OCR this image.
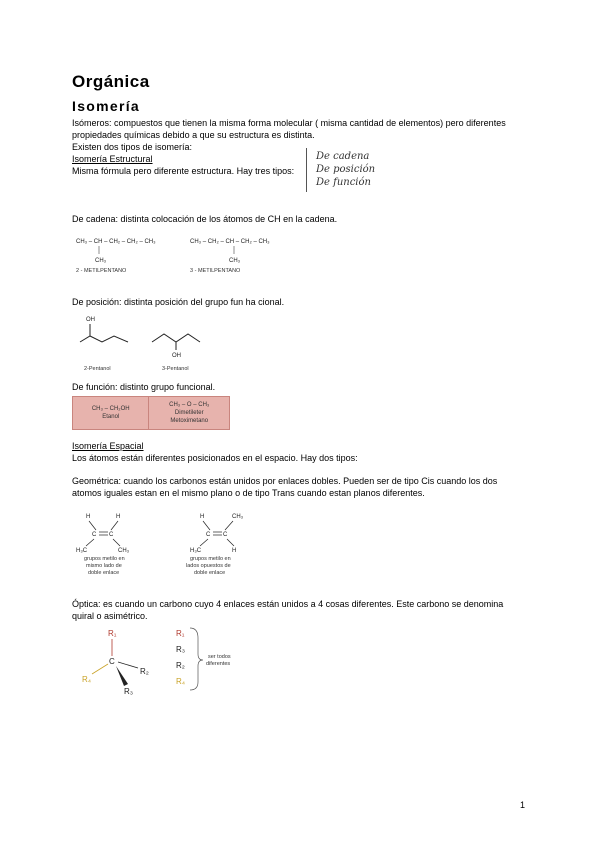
Orgánica
Isomería
Isómeros: compuestos que tienen la misma forma molecular ( misma cantidad de elementos) pero diferentes
propiedades químicas debido a que su estructura es distinta.
Existen dos tipos de isomería:
Isomería Estructural
Misma fórmula pero diferente estructura. Hay tres tipos:
De cadena
De posición
De función
De cadena: distinta colocación de los átomos de CH en la cadena.
CH₃ – CH – CH₂ – CH₂ – CH₃
CH₃
2 - METILPENTANO
CH₃ – CH₂ – CH – CH₂ – CH₃
CH₃
3 - METILPENTANO
De posición: distinta posición del grupo fun ha cional.
OH
2-Pentanol
OH
3-Pentanol
De función: distinto grupo funcional.
CH₃ – CH₂OH
Etanol

CH₃ – O – CH₃
Dimetileter
Metoximetano
Isomería Espacial
Los átomos están diferentes posicionados en el espacio. Hay dos tipos:
Geométrica: cuando los carbonos están unidos por enlaces dobles. Pueden ser de tipo Cis cuando los dos
atomos iguales estan en el mismo plano o de tipo Trans cuando estan planos diferentes.
H	H
C C
H₃C	CH₃
grupos metilo en
mismo lado de
doble enlace
H	CH₃
C C
H₃C	H
grupos metilo en
lados opuestos de
doble enlace
Óptica: es cuando un carbono cuyo 4 enlaces están unidos a 4 cosas diferentes. Este carbono se denomina
quiral o asimétrico.
R₁
C
R₂
R₄
R₃
R₁
R₃
R₂
R₄
ser todos
diferentes
1
